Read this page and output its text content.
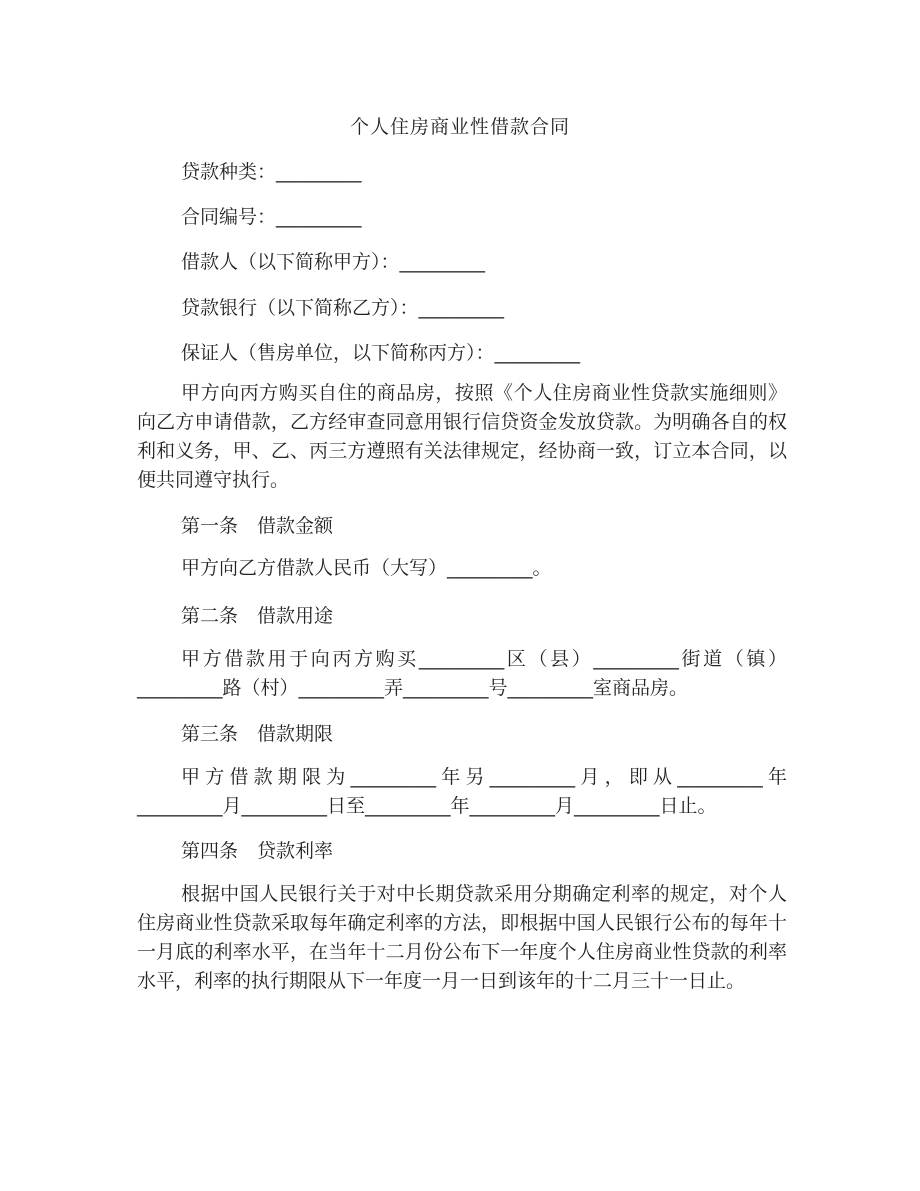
个人住房商业性借款合同
贷款种类：_________
合同编号：_________
借款人（以下简称甲方）：_________
贷款银行（以下简称乙方）：_________
保证人（售房单位，以下简称丙方）：_________
甲方向丙方购买自住的商品房，按照《个人住房商业性贷款实施细则》向乙方申请借款，乙方经审查同意用银行信贷资金发放贷款。为明确各自的权利和义务，甲、乙、丙三方遵照有关法律规定，经协商一致，订立本合同，以便共同遵守执行。
第一条　借款金额
甲方向乙方借款人民币（大写）_________。
第二条　借款用途
甲方借款用于向丙方购买_________区（县）_________街道（镇）_________路（村）_________弄_________号_________室商品房。
第三条　借款期限
甲方借款期限为_________年另_________月，即从_________年_________月_________日至_________年_________月_________日止。
第四条　贷款利率
根据中国人民银行关于对中长期贷款采用分期确定利率的规定，对个人住房商业性贷款采取每年确定利率的方法，即根据中国人民银行公布的每年十一月底的利率水平，在当年十二月份公布下一年度个人住房商业性贷款的利率水平，利率的执行期限从下一年度一月一日到该年的十二月三十一日止。
